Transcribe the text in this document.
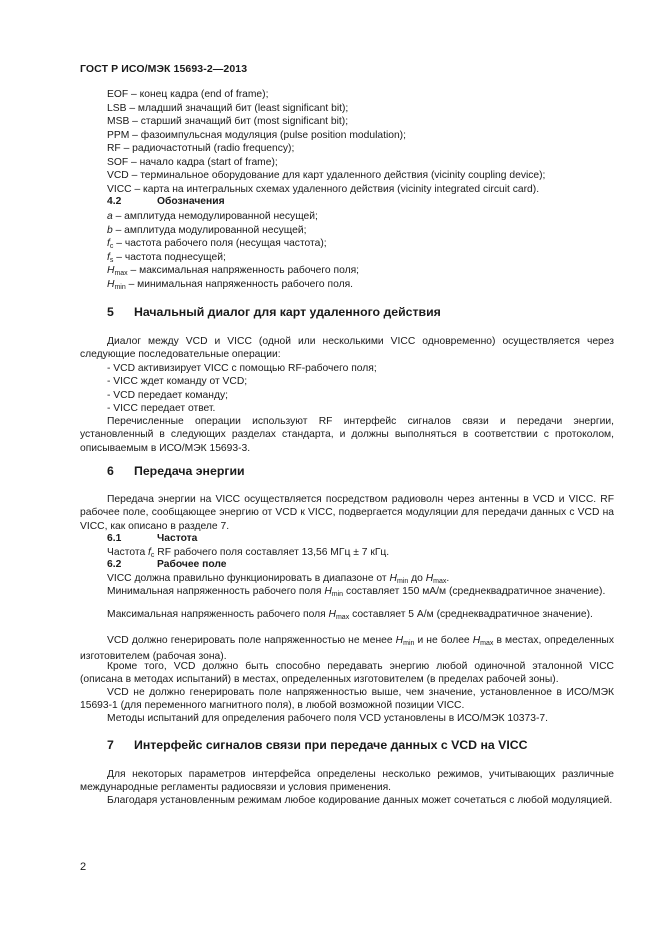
ГОСТ Р ИСО/МЭК 15693-2—2013
EOF – конец кадра (end of frame);
LSB – младший значащий бит (least significant bit);
MSB – старший значащий бит (most significant bit);
PPM – фазоимпульсная модуляция (pulse position modulation);
RF – радиочастотный (radio frequency);
SOF – начало кадра (start of frame);
VCD – терминальное оборудование для карт удаленного действия (vicinity coupling device);
VICC – карта на интегральных схемах удаленного действия (vicinity integrated circuit card).
4.2	Обозначения
a – амплитуда немодулированной несущей;
b – амплитуда модулированной несущей;
$f_c$ – частота рабочего поля (несущая частота);
$f_s$ – частота поднесущей;
$H_{max}$ – максимальная напряженность рабочего поля;
$H_{min}$ – минимальная напряженность рабочего поля.
5 Начальный диалог для карт удаленного действия
Диалог между VCD и VICC (одной или несколькими VICC одновременно) осуществляется через следующие последовательные операции:
- VCD активизирует VICC с помощью RF-рабочего поля;
- VICC ждет команду от VCD;
- VCD передает команду;
- VICC передает ответ.
Перечисленные операции используют RF интерфейс сигналов связи и передачи энергии, установленный в следующих разделах стандарта, и должны выполняться в соответствии с протоколом, описываемым в ИСО/МЭК 15693-3.
6 Передача энергии
Передача энергии на VICC осуществляется посредством радиоволн через антенны в VCD и VICC. RF рабочее поле, сообщающее энергию от VCD к VICC, подвергается модуляции для передачи данных с VCD на VICC, как описано в разделе 7.
6.1	Частота
Частота $f_c$ RF рабочего поля составляет 13,56 МГц ± 7 кГц.
6.2	Рабочее поле
VICC должна правильно функционировать в диапазоне от $H_{min}$ до $H_{max}$.
Минимальная напряженность рабочего поля $H_{min}$ составляет 150 мА/м (среднеквадратичное значение).
Максимальная напряженность рабочего поля $H_{max}$ составляет 5 А/м (среднеквадратичное значение).
VCD должно генерировать поле напряженностью не менее $H_{min}$ и не более $H_{max}$ в местах, определенных изготовителем (рабочая зона).
Кроме того, VCD должно быть способно передавать энергию любой одиночной эталонной VICC (описана в методах испытаний) в местах, определенных изготовителем (в пределах рабочей зоны).
VCD не должно генерировать поле напряженностью выше, чем значение, установленное в ИСО/МЭК 15693-1 (для переменного магнитного поля), в любой возможной позиции VICC.
Методы испытаний для определения рабочего поля VCD установлены в ИСО/МЭК 10373-7.
7 Интерфейс сигналов связи при передаче данных с VCD на VICC
Для некоторых параметров интерфейса определены несколько режимов, учитывающих различные международные регламенты радиосвязи и условия применения.
Благодаря установленным режимам любое кодирование данных может сочетаться с любой модуляцией.
2
